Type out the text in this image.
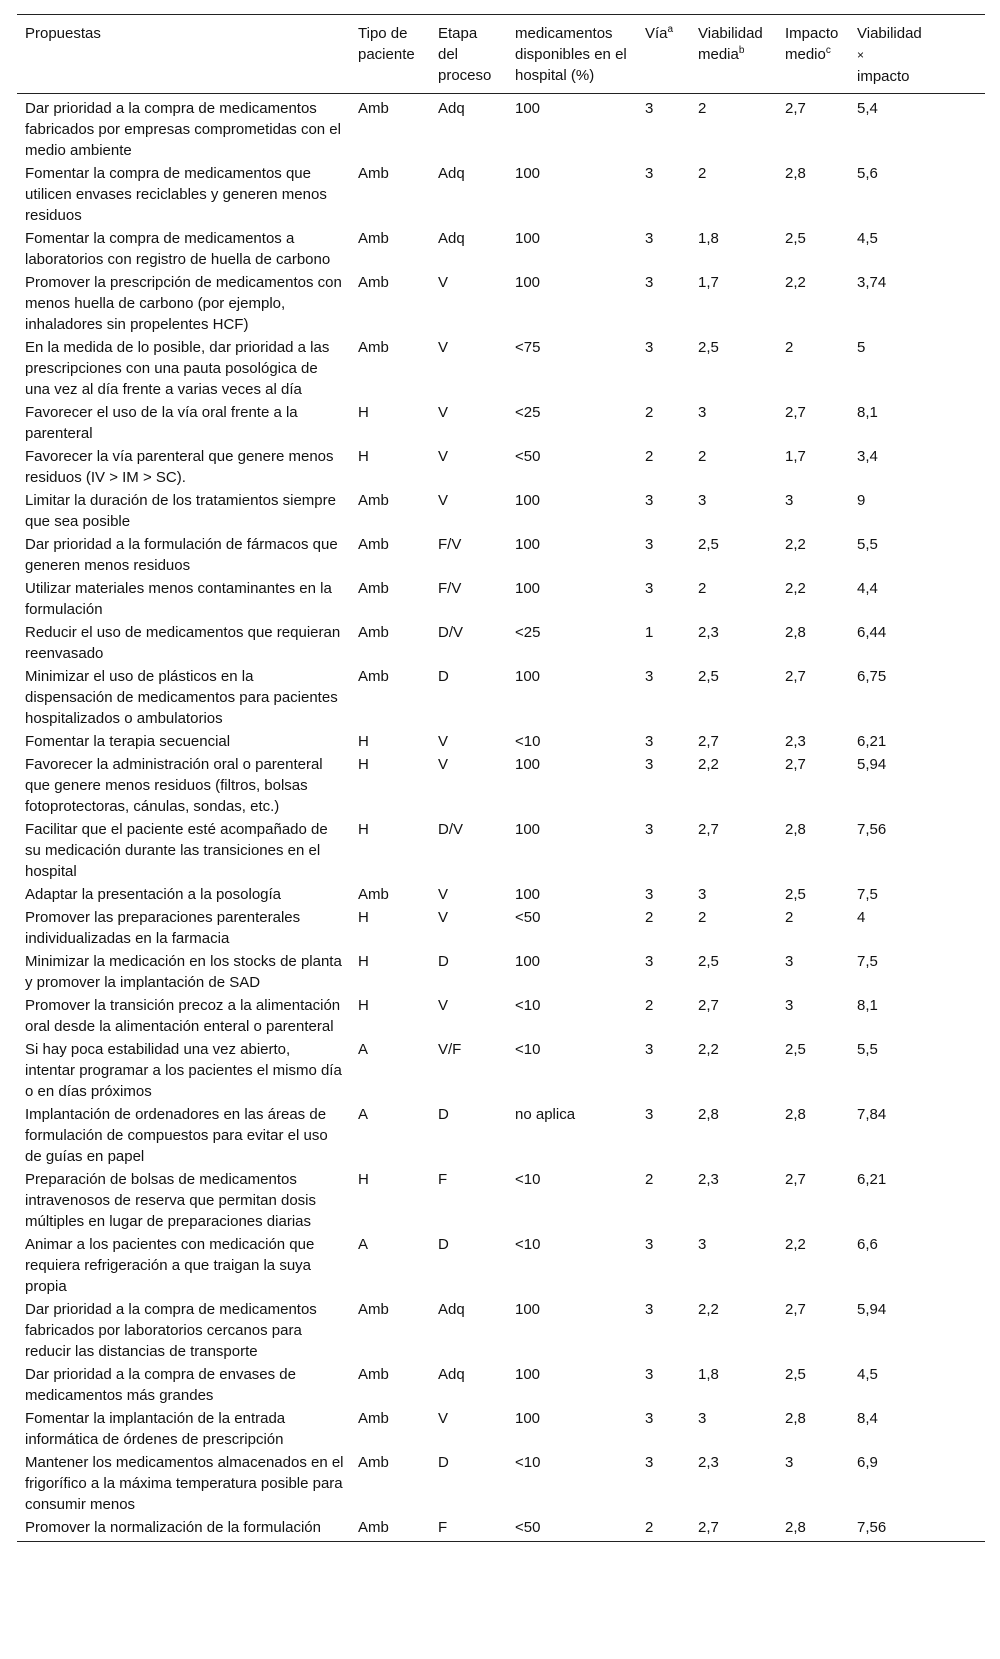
Propuestas	Tipo de paciente	Etapa del proceso	medicamentos disponibles en el hospital (%)	Vía$^a$	Viabilidad media$^b$	Impacto medio$^c$	Viabilidad
×
impacto
Dar prioridad a la compra de medicamentos fabricados por empresas comprometidas con el medio ambiente	Amb	Adq	100	3	2	2,7	5,4
Fomentar la compra de medicamentos que utilicen envases reciclables y generen menos residuos	Amb	Adq	100	3	2	2,8	5,6
Fomentar la compra de medicamentos a laboratorios con registro de huella de carbono	Amb	Adq	100	3	1,8	2,5	4,5
Promover la prescripción de medicamentos con menos huella de carbono (por ejemplo, inhaladores sin propelentes HCF)	Amb	V	100	3	1,7	2,2	3,74
En la medida de lo posible, dar prioridad a las prescripciones con una pauta posológica de una vez al día frente a varias veces al día	Amb	V	<75	3	2,5	2	5
Favorecer el uso de la vía oral frente a la parenteral	H	V	<25	2	3	2,7	8,1
Favorecer la vía parenteral que genere menos residuos (IV > IM > SC).	H	V	<50	2	2	1,7	3,4
Limitar la duración de los tratamientos siempre que sea posible	Amb	V	100	3	3	3	9
Dar prioridad a la formulación de fármacos que generen menos residuos	Amb	F/V	100	3	2,5	2,2	5,5
Utilizar materiales menos contaminantes en la formulación	Amb	F/V	100	3	2	2,2	4,4
Reducir el uso de medicamentos que requieran reenvasado	Amb	D/V	<25	1	2,3	2,8	6,44
Minimizar el uso de plásticos en la dispensación de medicamentos para pacientes hospitalizados o ambulatorios	Amb	D	100	3	2,5	2,7	6,75
Fomentar la terapia secuencial	H	V	<10	3	2,7	2,3	6,21
Favorecer la administración oral o parenteral que genere menos residuos (filtros, bolsas fotoprotectoras, cánulas, sondas, etc.)	H	V	100	3	2,2	2,7	5,94
Facilitar que el paciente esté acompañado de su medicación durante las transiciones en el hospital	H	D/V	100	3	2,7	2,8	7,56
Adaptar la presentación a la posología	Amb	V	100	3	3	2,5	7,5
Promover las preparaciones parenterales individualizadas en la farmacia	H	V	<50	2	2	2	4
Minimizar la medicación en los stocks de planta y promover la implantación de SAD	H	D	100	3	2,5	3	7,5
Promover la transición precoz a la alimentación oral desde la alimentación enteral o parenteral	H	V	<10	2	2,7	3	8,1
Si hay poca estabilidad una vez abierto, intentar programar a los pacientes el mismo día o en días próximos	A	V/F	<10	3	2,2	2,5	5,5
Implantación de ordenadores en las áreas de formulación de compuestos para evitar el uso de guías en papel	A	D	no aplica	3	2,8	2,8	7,84
Preparación de bolsas de medicamentos intravenosos de reserva que permitan dosis múltiples en lugar de preparaciones diarias	H	F	<10	2	2,3	2,7	6,21
Animar a los pacientes con medicación que requiera refrigeración a que traigan la suya propia	A	D	<10	3	3	2,2	6,6
Dar prioridad a la compra de medicamentos fabricados por laboratorios cercanos para reducir las distancias de transporte	Amb	Adq	100	3	2,2	2,7	5,94
Dar prioridad a la compra de envases de medicamentos más grandes	Amb	Adq	100	3	1,8	2,5	4,5
Fomentar la implantación de la entrada informática de órdenes de prescripción	Amb	V	100	3	3	2,8	8,4
Mantener los medicamentos almacenados en el frigorífico a la máxima temperatura posible para consumir menos	Amb	D	<10	3	2,3	3	6,9
Promover la normalización de la formulación	Amb	F	<50	2	2,7	2,8	7,56
